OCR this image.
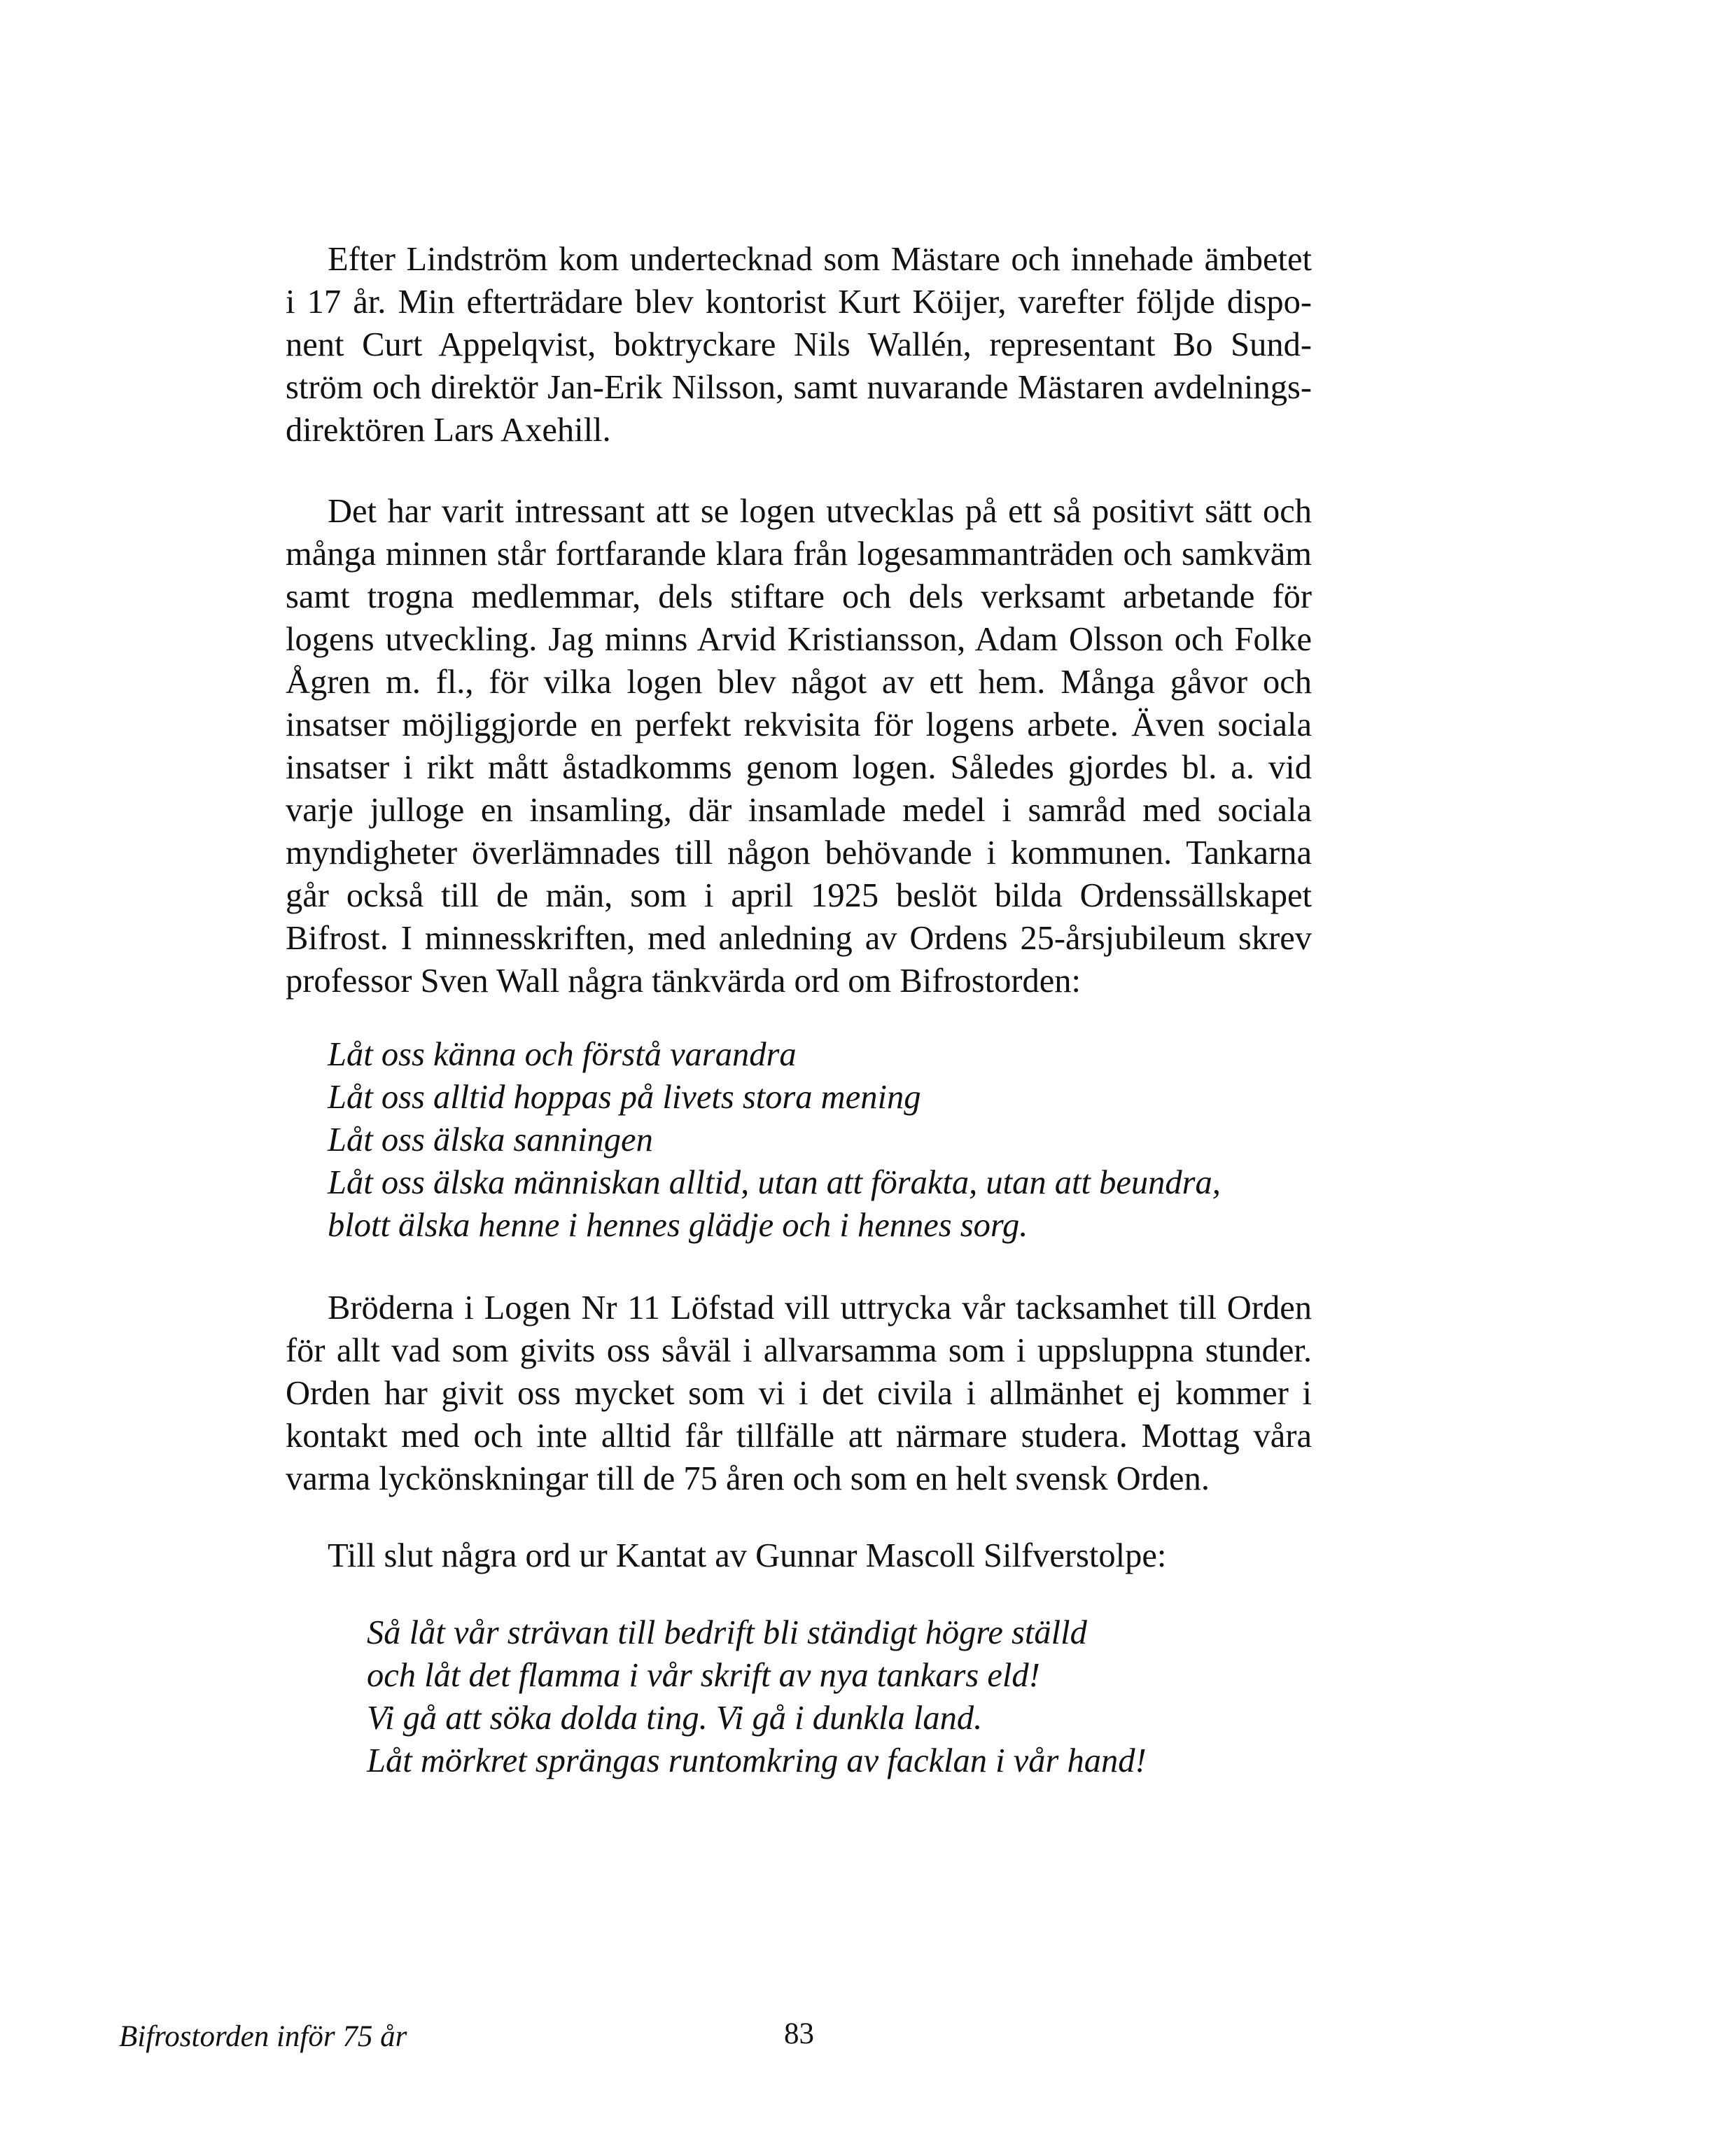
Efter Lindström kom undertecknad som Mästare och innehade ämbetet
i 17 år. Min efterträdare blev kontorist Kurt Köijer, varefter följde dispo-
nent Curt Appelqvist, boktryckare Nils Wallén, representant Bo Sund-
ström och direktör Jan-Erik Nilsson, samt nuvarande Mästaren avdelnings-
direktören Lars Axehill.

Det har varit intressant att se logen utvecklas på ett så positivt sätt och
många minnen står fortfarande klara från logesammanträden och samkväm
samt trogna medlemmar, dels stiftare och dels verksamt arbetande för
logens utveckling. Jag minns Arvid Kristiansson, Adam Olsson och Folke
Ågren m. fl., för vilka logen blev något av ett hem. Många gåvor och
insatser möjliggjorde en perfekt rekvisita för logens arbete. Även sociala
insatser i rikt mått åstadkomms genom logen. Således gjordes bl. a. vid
varje julloge en insamling, där insamlade medel i samråd med sociala
myndigheter överlämnades till någon behövande i kommunen. Tankarna
går också till de män, som i april 1925 beslöt bilda Ordenssällskapet
Bifrost. I minnesskriften, med anledning av Ordens 25-årsjubileum skrev
professor Sven Wall några tänkvärda ord om Bifrostorden:

Låt oss känna och förstå varandra
Låt oss alltid hoppas på livets stora mening
Låt oss älska sanningen
Låt oss älska människan alltid, utan att förakta, utan att beundra,
blott älska henne i hennes glädje och i hennes sorg.

Bröderna i Logen Nr 11 Löfstad vill uttrycka vår tacksamhet till Orden
för allt vad som givits oss såväl i allvarsamma som i uppsluppna stunder.
Orden har givit oss mycket som vi i det civila i allmänhet ej kommer i
kontakt med och inte alltid får tillfälle att närmare studera. Mottag våra
varma lyckönskningar till de 75 åren och som en helt svensk Orden.

Till slut några ord ur Kantat av Gunnar Mascoll Silfverstolpe:

Så låt vår strävan till bedrift bli ständigt högre ställd
och låt det flamma i vår skrift av nya tankars eld!
Vi gå att söka dolda ting. Vi gå i dunkla land.
Låt mörkret sprängas runtomkring av facklan i vår hand!
Bifrostorden inför 75 år	83
